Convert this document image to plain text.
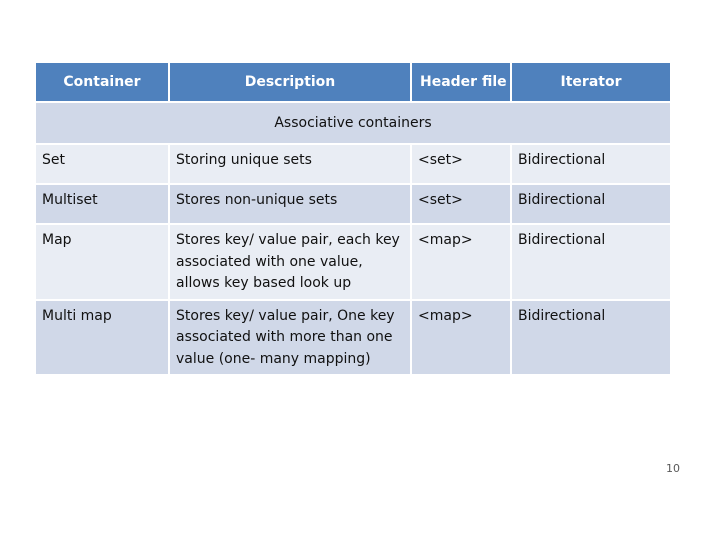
Container	Description	Header file	Iterator
Associative containers			
Set	Storing unique sets	<set>	Bidirectional
Multiset	Stores non-unique sets	<set>	Bidirectional
Map	Stores key/ value pair, each key associated with one value, allows key based look up	<map>	Bidirectional
Multi map	Stores key/ value pair, One key associated with more than one value (one- many mapping)	<map>	Bidirectional
10
